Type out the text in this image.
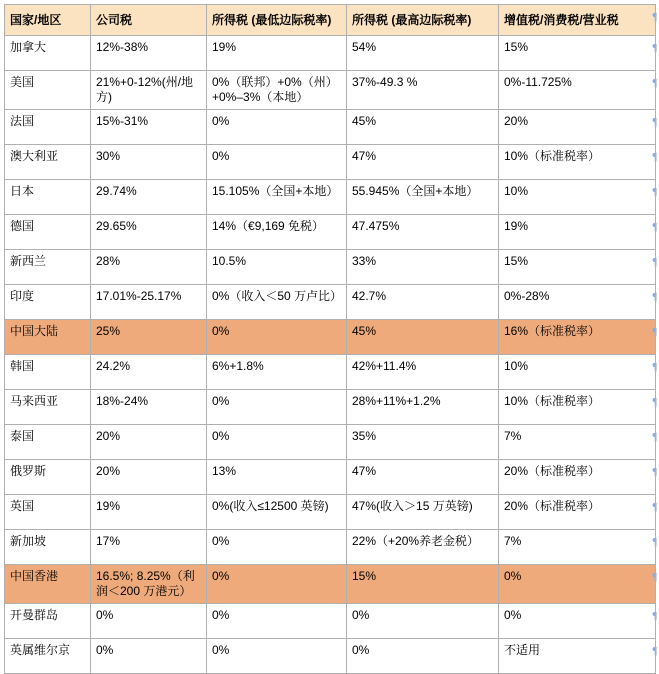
国家/地区	公司税	所得税 (最低边际税率)	所得税 (最高边际税率)	增值税/消费税/营业税
加拿大	12%-38%	19%	54%	15%
美国	21%+0-12%(州/地方)	0%（联邦）+0%（州）+0%–3%（本地）	37%-49.3 %	0%-11.725%
法国	15%-31%	0%	45%	20%
澳大利亚	30%	0%	47%	10%（标准税率）
日本	29.74%	15.105%（全国+本地）	55.945%（全国+本地）	10%
德国	29.65%	14%（€9,169 免税）	47.475%	19%
新西兰	28%	10.5%	33%	15%
印度	17.01%-25.17%	0%（收入＜50 万卢比）	42.7%	0%-28%
中国大陆	25%	0%	45%	16%（标准税率）
韩国	24.2%	6%+1.8%	42%+11.4%	10%
马来西亚	18%-24%	0%	28%+11%+1.2%	10%（标准税率）
泰国	20%	0%	35%	7%
俄罗斯	20%	13%	47%	20%（标准税率）
英国	19%	0%(收入≤12500 英镑)	47%(收入＞15 万英镑)	20%（标准税率）
新加坡	17%	0%	22%（+20%养老金税）	7%
中国香港	16.5%; 8.25%（利润＜200 万港元）	0%	15%	0%
开曼群岛	0%	0%	0%	0%
英属维尔京	0%	0%	0%	不适用
¶
¶
¶
¶
¶
¶
¶
¶
¶
¶
¶
¶
¶
¶
¶
¶
¶
¶
¶
